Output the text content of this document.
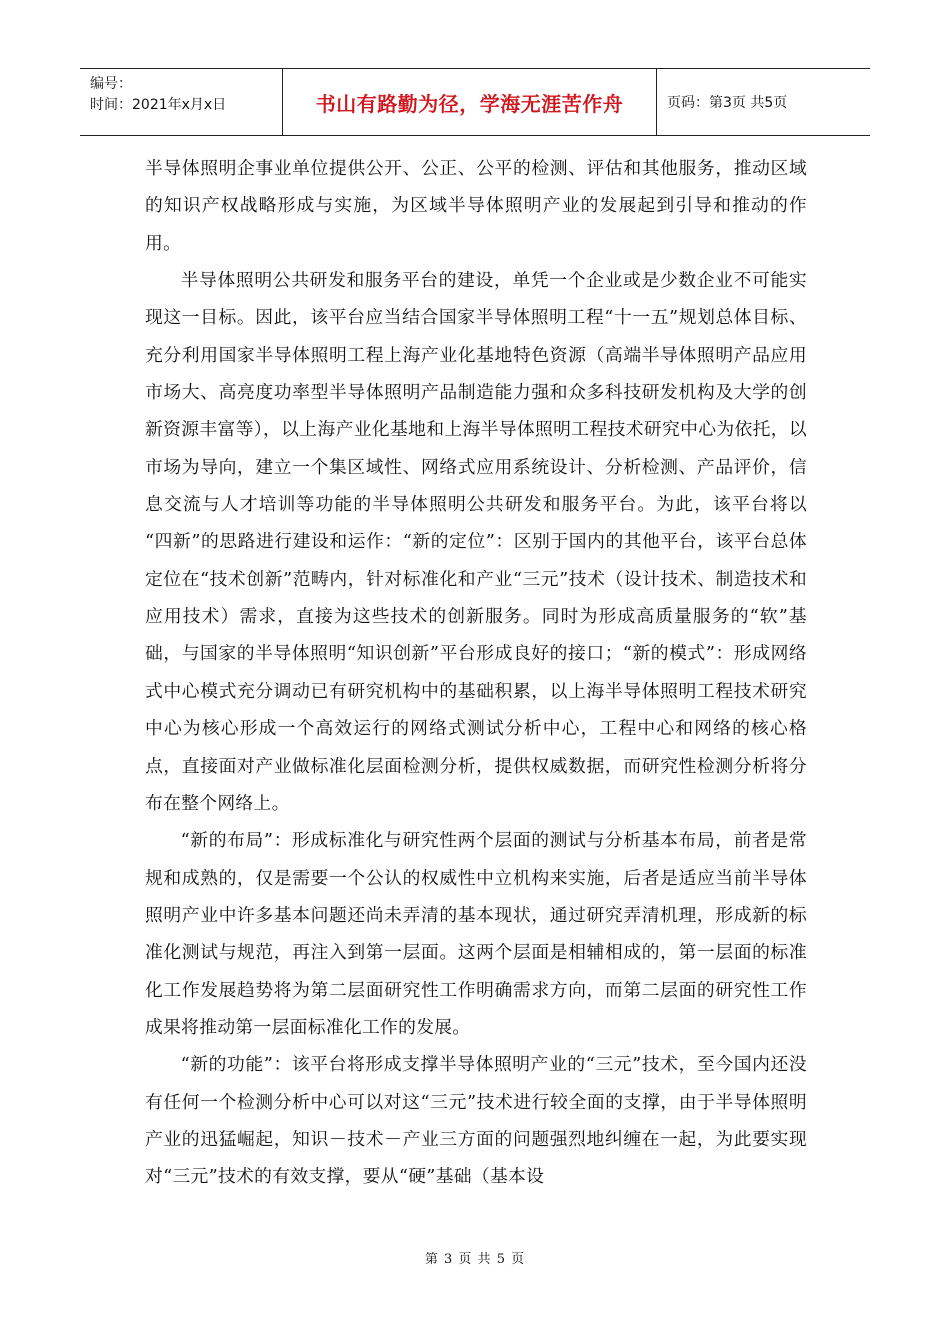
编号：
时间：2021年x月x日	书山有路勤为径，学海无涯苦作舟	页码：第3页 共5页

半导体照明企事业单位提供公开、公正、公平的检测、评估和其他服务，推动区域的知识产权战略形成与实施，为区域半导体照明产业的发展起到引导和推动的作用。

半导体照明公共研发和服务平台的建设，单凭一个企业或是少数企业不可能实现这一目标。因此，该平台应当结合国家半导体照明工程“十一五”规划总体目标、充分利用国家半导体照明工程上海产业化基地特色资源（高端半导体照明产品应用市场大、高亮度功率型半导体照明产品制造能力强和众多科技研发机构及大学的创新资源丰富等），以上海产业化基地和上海半导体照明工程技术研究中心为依托，以市场为导向，建立一个集区域性、网络式应用系统设计、分析检测、产品评价，信息交流与人才培训等功能的半导体照明公共研发和服务平台。为此，该平台将以 “四新”的思路进行建设和运作：“新的定位”：区别于国内的其他平台，该平台总体定位在“技术创新”范畴内，针对标准化和产业“三元”技术（设计技术、制造技术和应用技术）需求，直接为这些技术的创新服务。同时为形成高质量服务的“软”基础，与国家的半导体照明“知识创新”平台形成良好的接口；“新的模式”：形成网络式中心模式充分调动已有研究机构中的基础积累，以上海半导体照明工程技术研究中心为核心形成一个高效运行的网络式测试分析中心，工程中心和网络的核心格点，直接面对产业做标准化层面检测分析，提供权威数据，而研究性检测分析将分布在整个网络上。

“新的布局”：形成标准化与研究性两个层面的测试与分析基本布局，前者是常规和成熟的，仅是需要一个公认的权威性中立机构来实施，后者是适应当前半导体照明产业中许多基本问题还尚未弄清的基本现状，通过研究弄清机理，形成新的标准化测试与规范，再注入到第一层面。这两个层面是相辅相成的，第一层面的标准化工作发展趋势将为第二层面研究性工作明确需求方向，而第二层面的研究性工作成果将推动第一层面标准化工作的发展。

“新的功能”：该平台将形成支撑半导体照明产业的“三元”技术，至今国内还没有任何一个检测分析中心可以对这“三元”技术进行较全面的支撑，由于半导体照明产业的迅猛崛起，知识－技术－产业三方面的问题强烈地纠缠在一起，为此要实现对“三元”技术的有效支撑，要从“硬”基础（基本设

第 3 页 共 5 页
